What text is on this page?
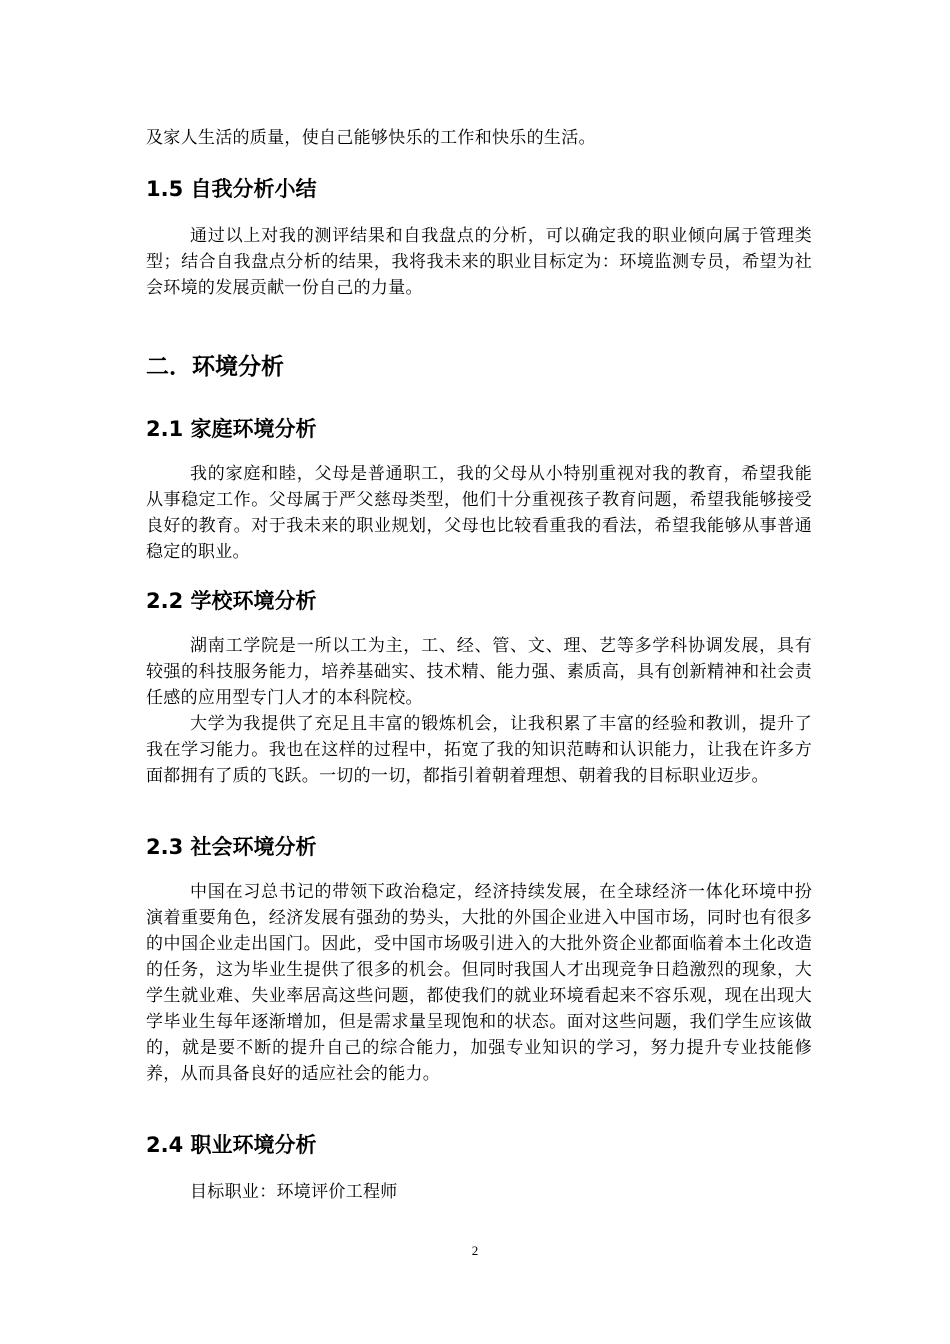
及家人生活的质量，使自己能够快乐的工作和快乐的生活。
1.5 自我分析小结
通过以上对我的测评结果和自我盘点的分析，可以确定我的职业倾向属于管理类型；结合自我盘点分析的结果，我将我未来的职业目标定为：环境监测专员，希望为社会环境的发展贡献一份自己的力量。
二．环境分析
2.1 家庭环境分析
我的家庭和睦，父母是普通职工，我的父母从小特别重视对我的教育，希望我能从事稳定工作。父母属于严父慈母类型，他们十分重视孩子教育问题，希望我能够接受良好的教育。对于我未来的职业规划，父母也比较看重我的看法，希望我能够从事普通稳定的职业。
2.2 学校环境分析
湖南工学院是一所以工为主，工、经、管、文、理、艺等多学科协调发展，具有较强的科技服务能力，培养基础实、技术精、能力强、素质高，具有创新精神和社会责任感的应用型专门人才的本科院校。
大学为我提供了充足且丰富的锻炼机会，让我积累了丰富的经验和教训，提升了我在学习能力。我也在这样的过程中，拓宽了我的知识范畴和认识能力，让我在许多方面都拥有了质的飞跃。一切的一切，都指引着朝着理想、朝着我的目标职业迈步。
2.3 社会环境分析
中国在习总书记的带领下政治稳定，经济持续发展，在全球经济一体化环境中扮演着重要角色，经济发展有强劲的势头，大批的外国企业进入中国市场，同时也有很多的中国企业走出国门。因此，受中国市场吸引进入的大批外资企业都面临着本土化改造的任务，这为毕业生提供了很多的机会。但同时我国人才出现竞争日趋激烈的现象，大学生就业难、失业率居高这些问题，都使我们的就业环境看起来不容乐观，现在出现大学毕业生每年逐渐增加，但是需求量呈现饱和的状态。面对这些问题，我们学生应该做的，就是要不断的提升自己的综合能力，加强专业知识的学习，努力提升专业技能修养，从而具备良好的适应社会的能力。
2.4 职业环境分析
目标职业：环境评价工程师
2
